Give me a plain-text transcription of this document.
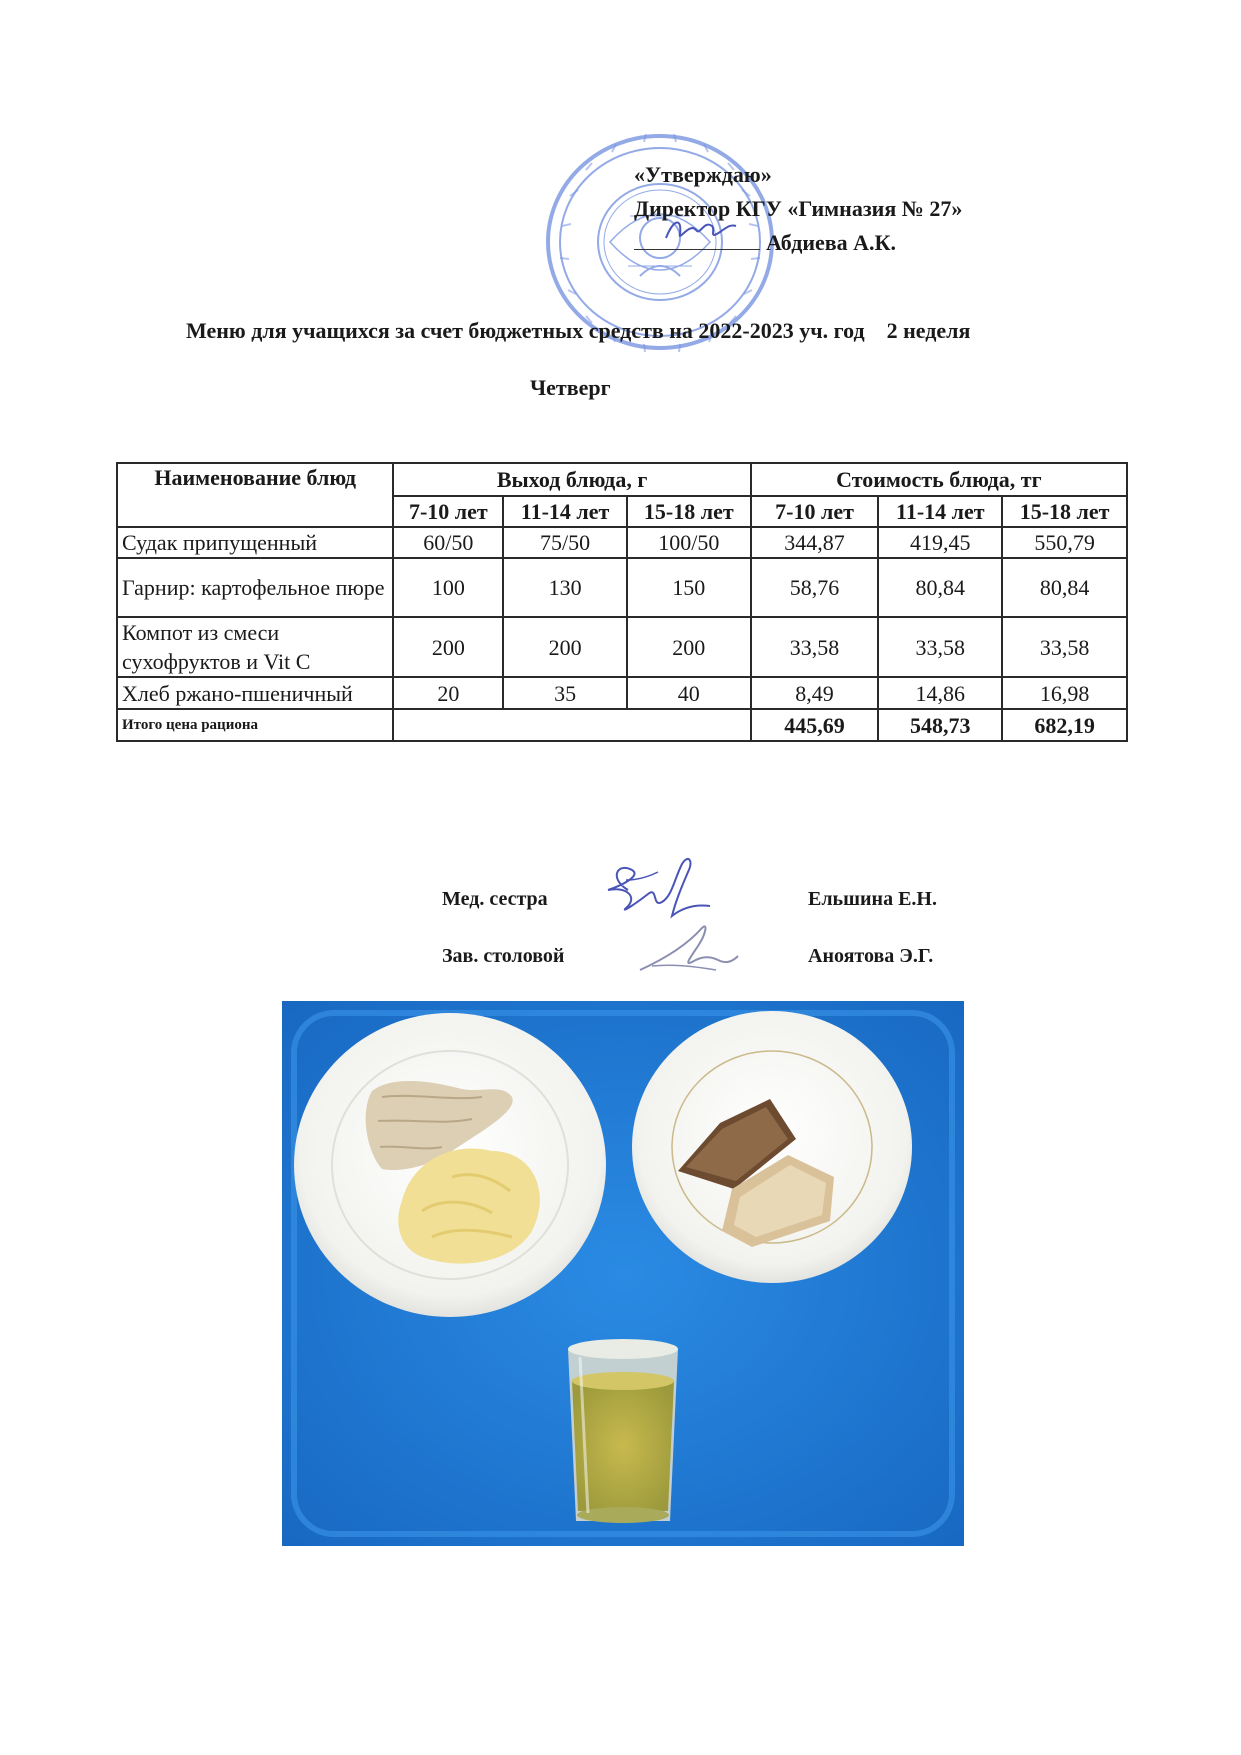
«Утверждаю»
Директор КГУ «Гимназия № 27»
Абдиева А.К.
Меню для учащихся за счет бюджетных средств на 2022-2023 уч. год    2 неделя
Четверг
Наименование блюд	Выход блюда, г			Стоимость блюда, тг		
	7-10 лет	11-14 лет	15-18 лет	7-10 лет	11-14 лет	15-18 лет
Судак припущенный	60/50	75/50	100/50	344,87	419,45	550,79
Гарнир: картофельное пюре	100	130	150	58,76	80,84	80,84
Компот из смеси сухофруктов и Vit C	200	200	200	33,58	33,58	33,58
Хлеб ржано-пшеничный	20	35	40	8,49	14,86	16,98
Итого цена рациона				445,69	548,73	682,19
Мед. сестра	Ельшина Е.Н.
Зав. столовой	Аноятова Э.Г.
